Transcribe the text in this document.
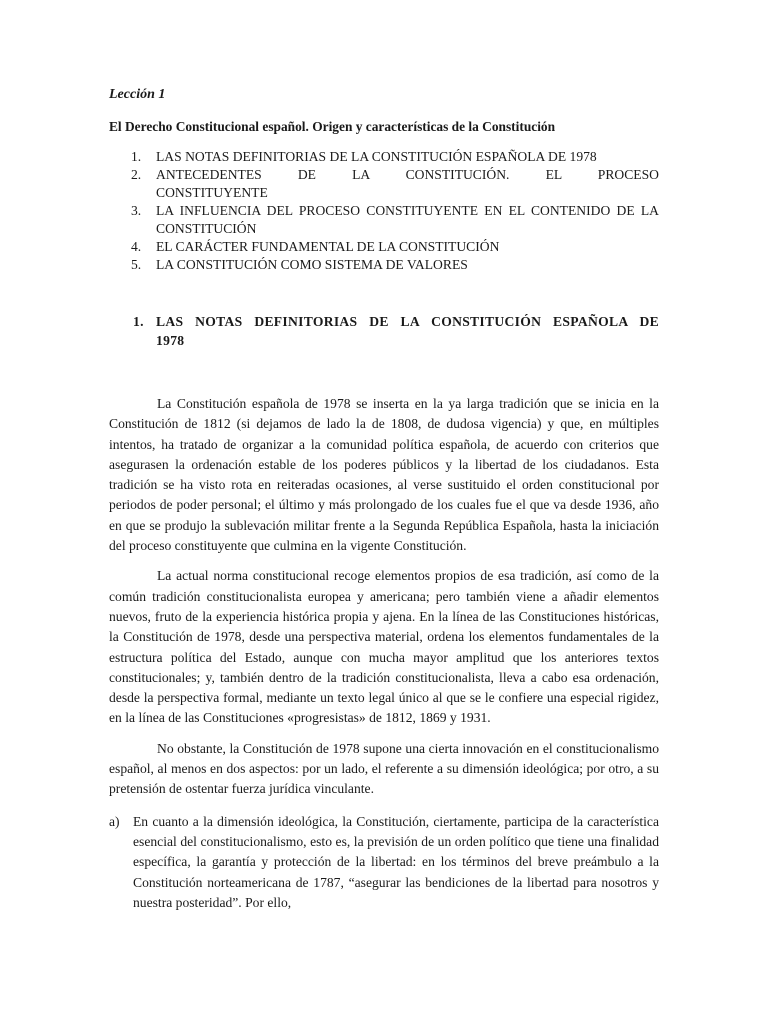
Lección 1
El Derecho Constitucional español. Origen y características de la Constitución
1. LAS NOTAS DEFINITORIAS DE LA CONSTITUCIÓN ESPAÑOLA DE 1978
2. ANTECEDENTES DE LA CONSTITUCIÓN. EL PROCESO
CONSTITUYENTE
3. LA INFLUENCIA DEL PROCESO CONSTITUYENTE EN EL CONTENIDO DE LA CONSTITUCIÓN
4. EL CARÁCTER FUNDAMENTAL DE LA CONSTITUCIÓN
5. LA CONSTITUCIÓN COMO SISTEMA DE VALORES
1. LAS NOTAS DEFINITORIAS DE LA CONSTITUCIÓN ESPAÑOLA DE
1978

La Constitución española de 1978 se inserta en la ya larga tradición que se inicia en la Constitución de 1812 (si dejamos de lado la de 1808, de dudosa vigencia) y que, en múltiples intentos, ha tratado de organizar a la comunidad política española, de acuerdo con criterios que asegurasen la ordenación estable de los poderes públicos y la libertad de los ciudadanos. Esta tradición se ha visto rota en reiteradas ocasiones, al verse sustituido el orden constitucional por periodos de poder personal; el último y más prolongado de los cuales fue el que va desde 1936, año en que se produjo la sublevación militar frente a la Segunda República Española, hasta la iniciación del proceso constituyente que culmina en la vigente Constitución.

La actual norma constitucional recoge elementos propios de esa tradición, así como de la común tradición constitucionalista europea y americana; pero también viene a añadir elementos nuevos, fruto de la experiencia histórica propia y ajena. En la línea de las Constituciones históricas, la Constitución de 1978, desde una perspectiva material, ordena los elementos fundamentales de la estructura política del Estado, aunque con mucha mayor amplitud que los anteriores textos constitucionales; y, también dentro de la tradición constitucionalista, lleva a cabo esa ordenación, desde la perspectiva formal, mediante un texto legal único al que se le confiere una especial rigidez, en la línea de las Constituciones «progresistas» de 1812, 1869 y 1931.

No obstante, la Constitución de 1978 supone una cierta innovación en el constitucionalismo español, al menos en dos aspectos: por un lado, el referente a su dimensión ideológica; por otro, a su pretensión de ostentar fuerza jurídica vinculante.

a) En cuanto a la dimensión ideológica, la Constitución, ciertamente, participa de la característica esencial del constitucionalismo, esto es, la previsión de un orden político que tiene una finalidad específica, la garantía y protección de la libertad: en los términos del breve preámbulo a la Constitución norteamericana de 1787, “asegurar las bendiciones de la libertad para nosotros y nuestra posteridad”. Por ello,
